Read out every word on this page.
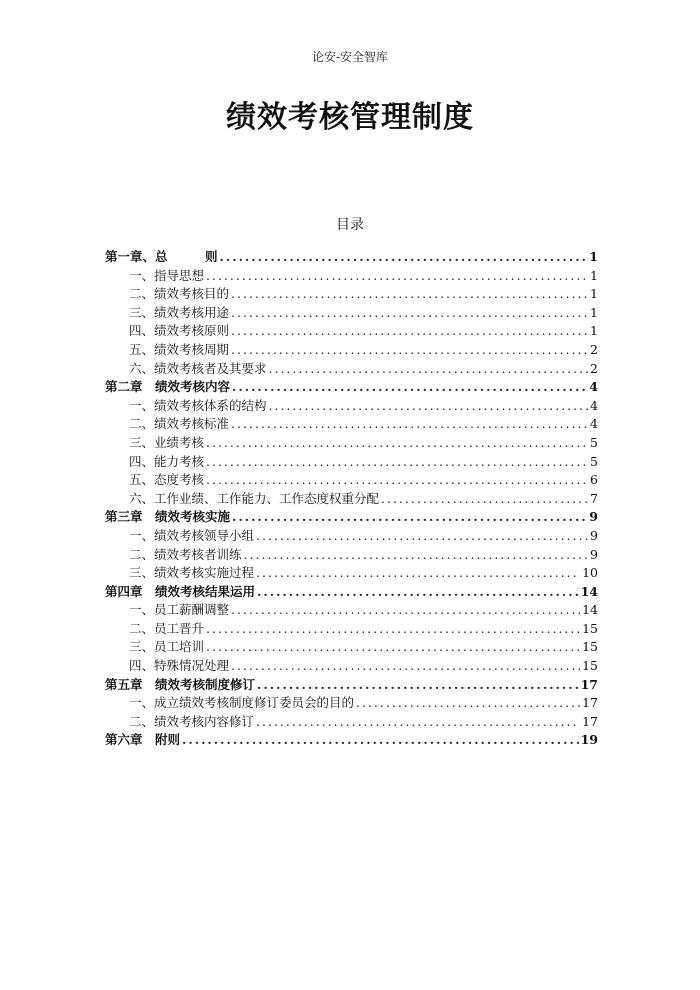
论安-安全智库
绩效考核管理制度
目录
第一章、总　　　则 .....	1
一、指导思想 .....	1
二、绩效考核目的 .....	1
三、绩效考核用途 .....	1
四、绩效考核原则 .....	1
五、绩效考核周期 .....	2
六、绩效考核者及其要求 .....	2
第二章　绩效考核内容 .....	4
一、绩效考核体系的结构 .....	4
二、绩效考核标准 .....	4
三、业绩考核 .....	5
四、能力考核 .....	5
五、态度考核 .....	6
六、工作业绩、工作能力、工作态度权重分配 .....	7
第三章　绩效考核实施 .....	9
一、绩效考核领导小组 .....	9
二、绩效考核者训练 .....	9
三、绩效考核实施过程 .....	10
第四章　绩效考核结果运用 .....	14
一、员工薪酬调整 .....	14
二、员工晋升 .....	15
三、员工培训 .....	15
四、特殊情况处理 .....	15
第五章　绩效考核制度修订 .....	17
一、成立绩效考核制度修订委员会的目的 .....	17
二、绩效考核内容修订 .....	17
第六章　附则 .....	19
